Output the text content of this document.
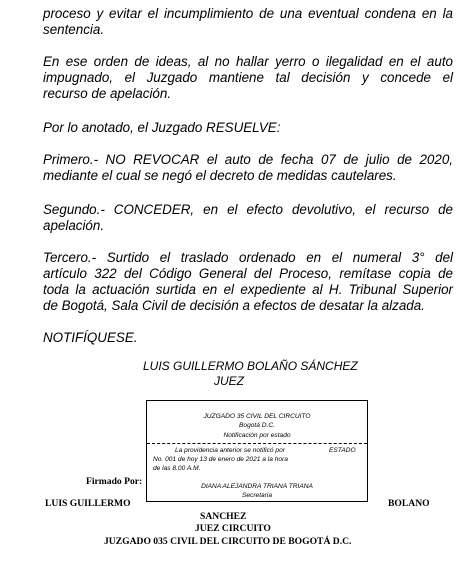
proceso y evitar el incumplimiento de una eventual condena en la
sentencia.
En ese orden de ideas, al no hallar yerro o ilegalidad en el auto
impugnado, el Juzgado mantiene tal decisión y concede el
recurso de apelación.
Por lo anotado, el Juzgado RESUELVE:
Primero.- NO REVOCAR el auto de fecha 07 de julio de 2020,
mediante el cual se negó el decreto de medidas cautelares.
Segundo.- CONCEDER, en el efecto devolutivo, el recurso de
apelación.
Tercero.- Surtido el traslado ordenado en el numeral 3° del
artículo 322 del Código General del Proceso, remítase copia de
toda la actuación surtida en el expediente al H. Tribunal Superior
de Bogotá, Sala Civil de decisión a efectos de desatar la alzada.
NOTIFÍQUESE.
LUIS GUILLERMO BOLAÑO SÁNCHEZ
JUEZ
JUZGADO 35 CIVIL DEL CIRCUITO
Bogotá D.C.
Notificación por estado
La providencia anterior se notificó por	ESTADO
No. 001 de hoy 13 de enero de 2021 a la hora
de las 8.00 A.M.
DIANA ALEJANDRA TRIANA TRIANA
Secretaria
Firmado Por:
LUIS GUILLERMO	BOLANO
SANCHEZ
JUEZ CIRCUITO
JUZGADO 035 CIVIL DEL CIRCUITO DE BOGOTÁ D.C.
